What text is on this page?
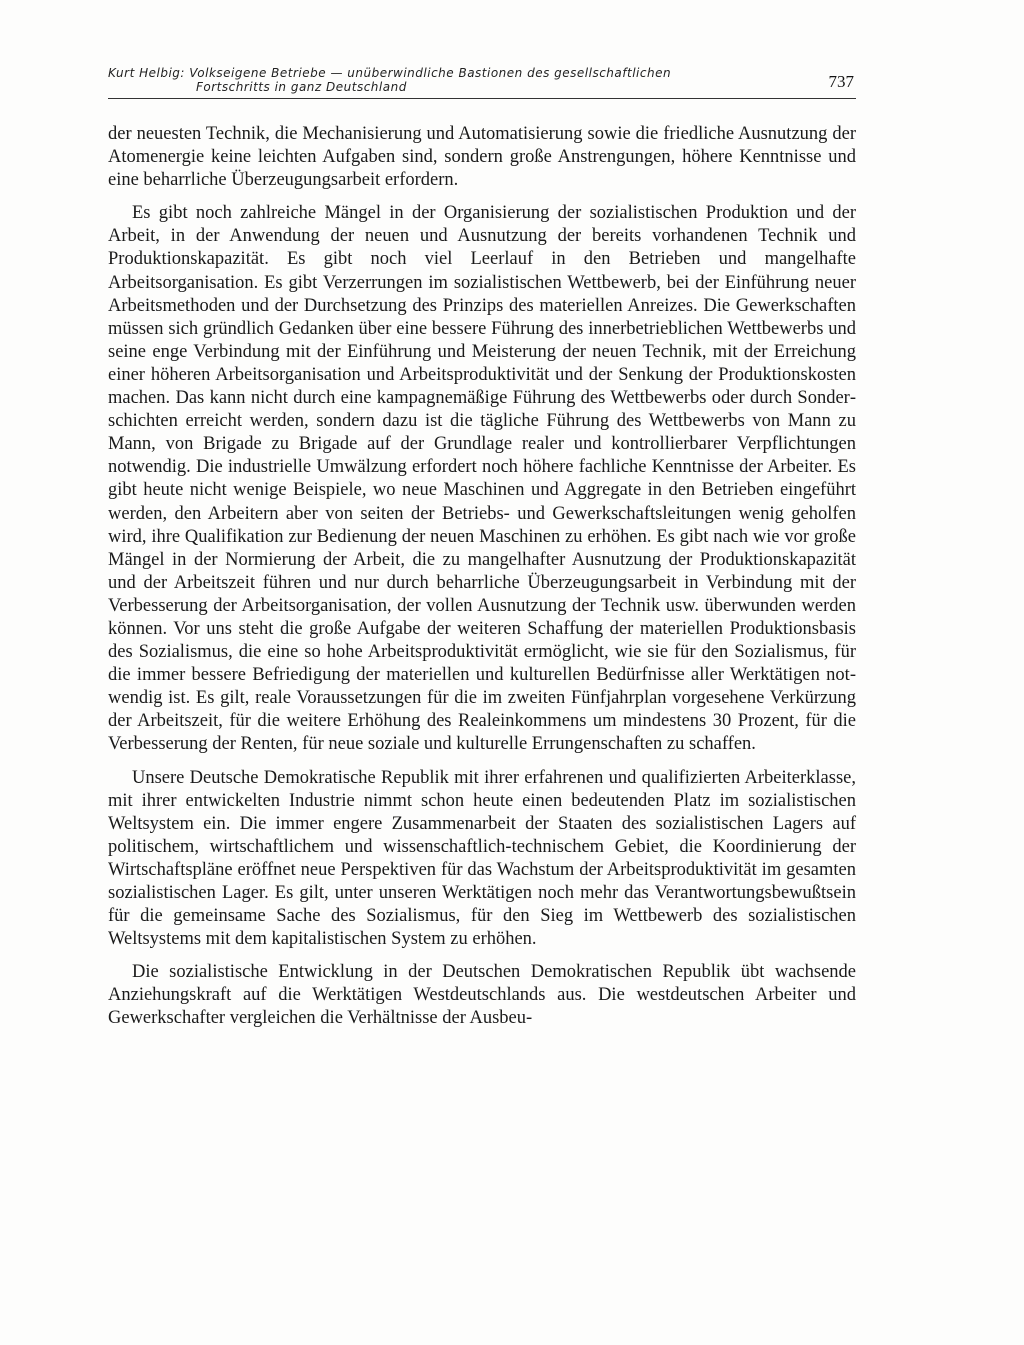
Kurt Helbig: Volkseigene Betriebe — unüberwindliche Bastionen des gesellschaftlichen
Fortschritts in ganz Deutschland	737

der neuesten Technik, die Mechanisierung und Automatisierung sowie die friedliche Ausnutzung der Atomenergie keine leichten Aufgaben sind, sondern große Anstrengungen, höhere Kenntnisse und eine beharrliche Überzeugungsarbeit erfordern.

Es gibt noch zahlreiche Mängel in der Organisierung der sozialistischen Produktion und der Arbeit, in der Anwendung der neuen und Ausnutzung der bereits vorhandenen Technik und Produktionskapazität. Es gibt noch viel Leerlauf in den Betrieben und mangelhafte Arbeitsorganisation. Es gibt Verzerrungen im sozialistischen Wettbewerb, bei der Einführung neuer Arbeitsmethoden und der Durchsetzung des Prinzips des materiellen Anreizes. Die Gewerkschaften müssen sich gründlich Gedanken über eine bessere Führung des innerbetrieblichen Wettbewerbs und seine enge Verbindung mit der Einführung und Meisterung der neuen Technik, mit der Erreichung einer höheren Arbeitsorganisation und Arbeitsproduktivität und der Senkung der Produktionskosten machen. Das kann nicht durch eine kampagnemäßige Führung des Wettbewerbs oder durch Sonderschichten erreicht werden, sondern dazu ist die tägliche Führung des Wettbewerbs von Mann zu Mann, von Brigade zu Brigade auf der Grundlage realer und kontrollierbarer Verpflichtungen notwendig. Die industrielle Umwälzung erfordert noch höhere fachliche Kenntnisse der Arbeiter. Es gibt heute nicht wenige Beispiele, wo neue Maschinen und Aggregate in den Betrieben eingeführt werden, den Arbeitern aber von seiten der Betriebs- und Gewerkschaftsleitungen wenig geholfen wird, ihre Qualifikation zur Bedienung der neuen Maschinen zu erhöhen. Es gibt nach wie vor große Mängel in der Normierung der Arbeit, die zu mangelhafter Ausnutzung der Produktionskapazität und der Arbeitszeit führen und nur durch beharrliche Überzeugungsarbeit in Verbindung mit der Verbesserung der Arbeitsorganisation, der vollen Ausnutzung der Technik usw. überwunden werden können. Vor uns steht die große Aufgabe der weiteren Schaffung der materiellen Produktionsbasis des Sozialismus, die eine so hohe Arbeitsproduktivität ermöglicht, wie sie für den Sozialismus, für die immer bessere Befriedigung der materiellen und kulturellen Bedürfnisse aller Werktätigen notwendig ist. Es gilt, reale Voraussetzungen für die im zweiten Fünfjahrplan vorgesehene Verkürzung der Arbeitszeit, für die weitere Erhöhung des Realeinkommens um mindestens 30 Prozent, für die Verbesserung der Renten, für neue soziale und kulturelle Errungenschaften zu schaffen.

Unsere Deutsche Demokratische Republik mit ihrer erfahrenen und qualifizierten Arbeiterklasse, mit ihrer entwickelten Industrie nimmt schon heute einen bedeutenden Platz im sozialistischen Weltsystem ein. Die immer engere Zusammenarbeit der Staaten des sozialistischen Lagers auf politischem, wirtschaftlichem und wissenschaftlich-technischem Gebiet, die Koordinierung der Wirtschaftspläne eröffnet neue Perspektiven für das Wachstum der Arbeitsproduktivität im gesamten sozialistischen Lager. Es gilt, unter unseren Werktätigen noch mehr das Verantwortungsbewußtsein für die gemeinsame Sache des Sozialismus, für den Sieg im Wettbewerb des sozialistischen Weltsystems mit dem kapitalistischen System zu erhöhen.

Die sozialistische Entwicklung in der Deutschen Demokratischen Republik übt wachsende Anziehungskraft auf die Werktätigen Westdeutschlands aus. Die westdeutschen Arbeiter und Gewerkschafter vergleichen die Verhältnisse der Ausbeu-
